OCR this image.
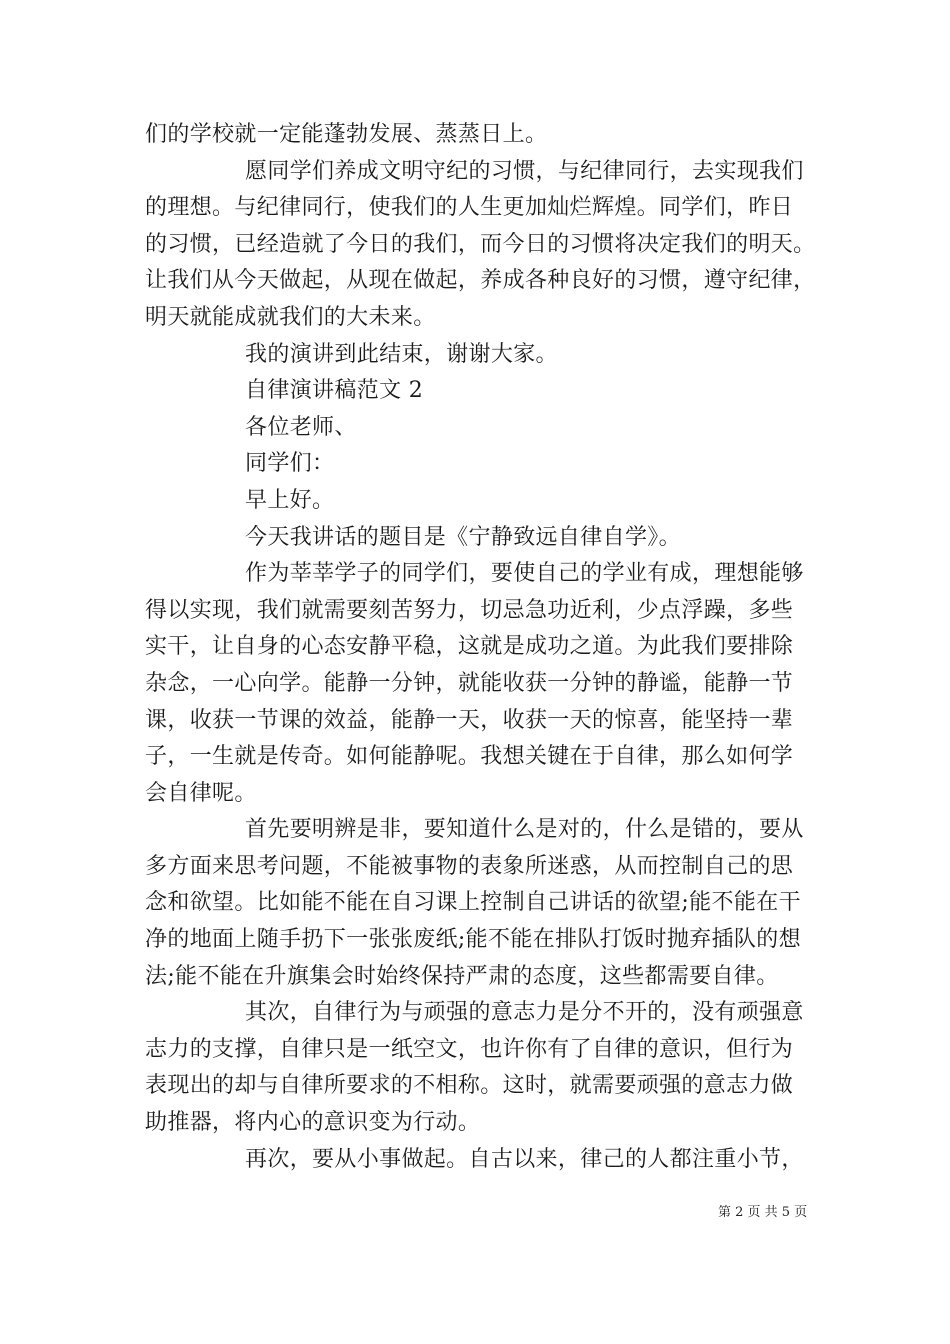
们的学校就一定能蓬勃发展、蒸蒸日上。
愿同学们养成文明守纪的习惯，与纪律同行，去实现我们
的理想。与纪律同行，使我们的人生更加灿烂辉煌。同学们，昨日
的习惯，已经造就了今日的我们，而今日的习惯将决定我们的明天。
让我们从今天做起，从现在做起，养成各种良好的习惯，遵守纪律，
明天就能成就我们的大未来。
我的演讲到此结束，谢谢大家。
自律演讲稿范文 2
各位老师、
同学们：
早上好。
今天我讲话的题目是《宁静致远自律自学》。
作为莘莘学子的同学们，要使自己的学业有成，理想能够
得以实现，我们就需要刻苦努力，切忌急功近利，少点浮躁，多些
实干，让自身的心态安静平稳，这就是成功之道。为此我们要排除
杂念，一心向学。能静一分钟，就能收获一分钟的静谧，能静一节
课，收获一节课的效益，能静一天，收获一天的惊喜，能坚持一辈
子，一生就是传奇。如何能静呢。我想关键在于自律，那么如何学
会自律呢。
首先要明辨是非，要知道什么是对的，什么是错的，要从
多方面来思考问题，不能被事物的表象所迷惑，从而控制自己的思
念和欲望。比如能不能在自习课上控制自己讲话的欲望;能不能在干
净的地面上随手扔下一张张废纸;能不能在排队打饭时抛弃插队的想
法;能不能在升旗集会时始终保持严肃的态度，这些都需要自律。
其次，自律行为与顽强的意志力是分不开的，没有顽强意
志力的支撑，自律只是一纸空文，也许你有了自律的意识，但行为
表现出的却与自律所要求的不相称。这时，就需要顽强的意志力做
助推器，将内心的意识变为行动。
再次，要从小事做起。自古以来，律己的人都注重小节，
第 2 页 共 5 页
